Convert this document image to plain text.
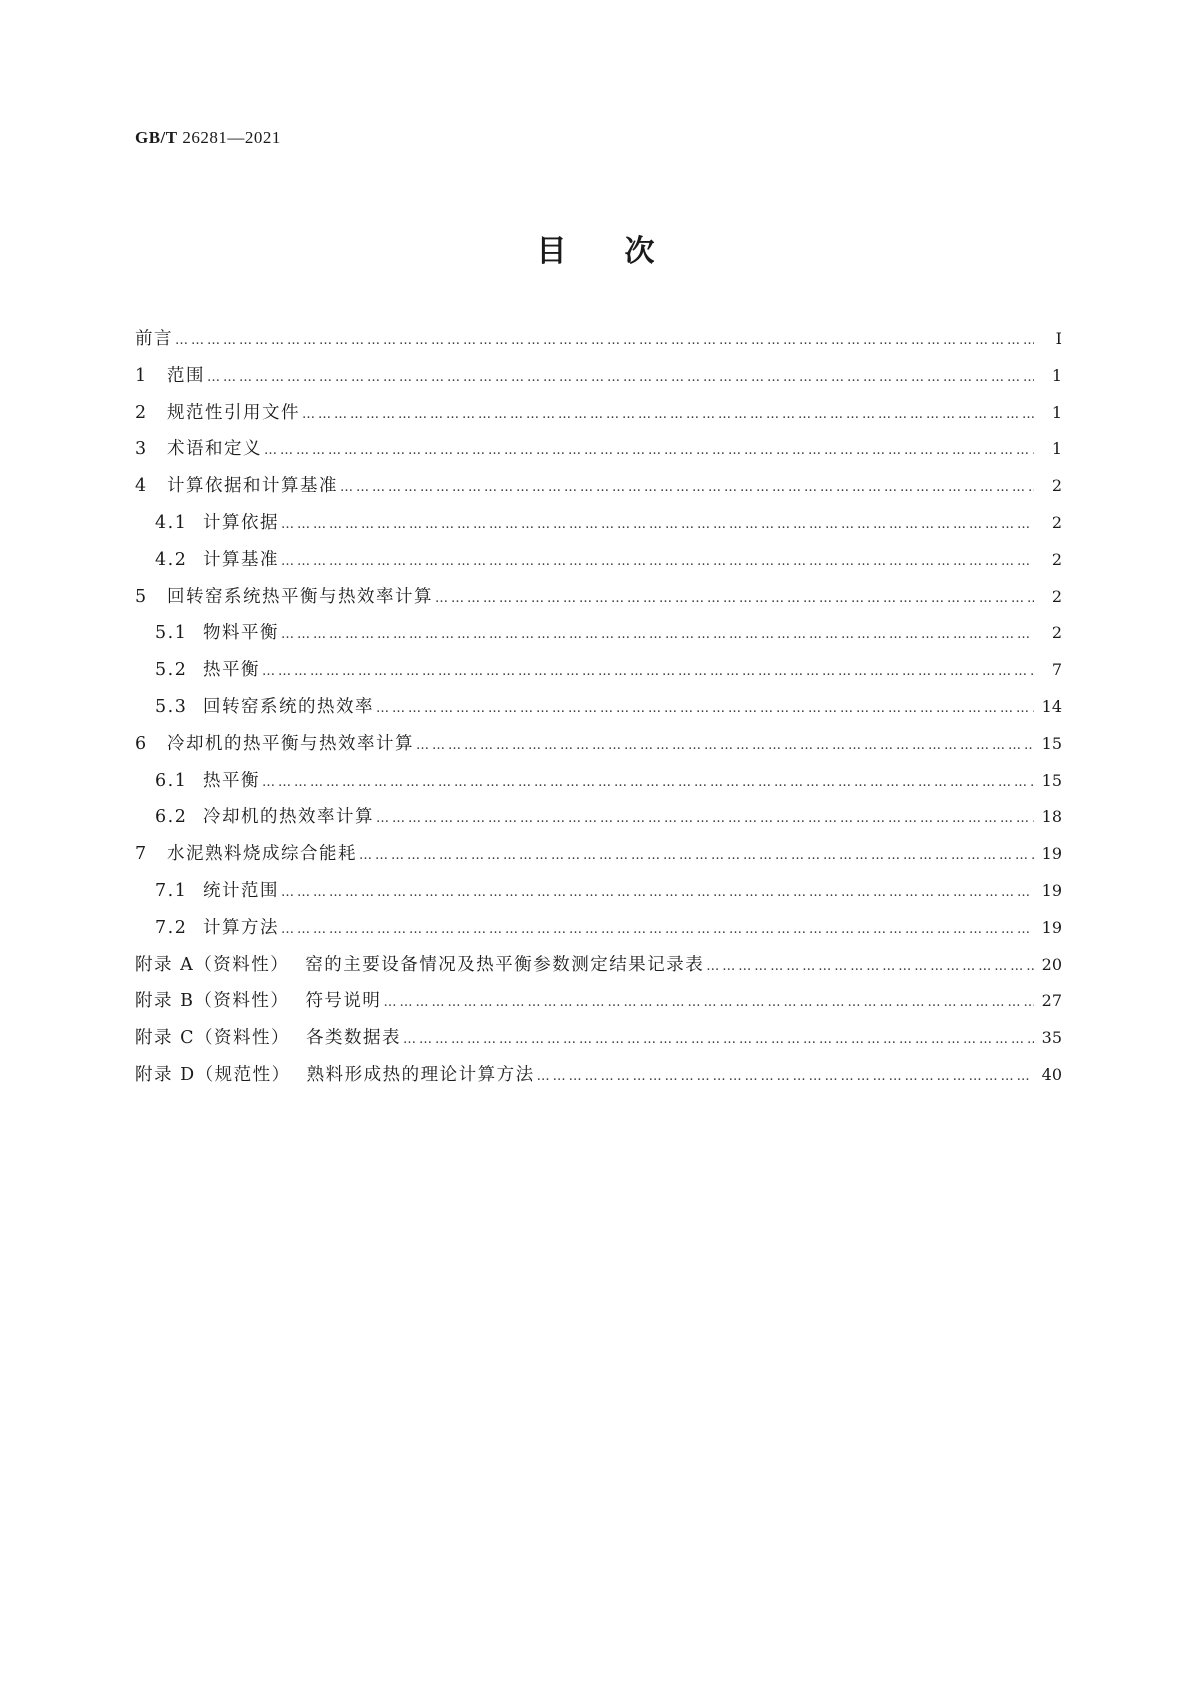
GB/T 26281—2021
目次
前言 ……………………………………………………………………………………………………………………………………………………………………………………	Ⅰ
1	范围 ……………………………………………………………………………………………………………………………………………………………………………………	1
2	规范性引用文件 ……………………………………………………………………………………………………………………………………………………………………………………	1
3	术语和定义 ……………………………………………………………………………………………………………………………………………………………………………………	1
4	计算依据和计算基准 ……………………………………………………………………………………………………………………………………………………………………………………	2
4.1 计算依据 ……………………………………………………………………………………………………………………………………………………………………………………	2
4.2 计算基准 ……………………………………………………………………………………………………………………………………………………………………………………	2
5	回转窑系统热平衡与热效率计算 ……………………………………………………………………………………………………………………………………………………………………………………	2
5.1 物料平衡 ……………………………………………………………………………………………………………………………………………………………………………………	2
5.2 热平衡 ……………………………………………………………………………………………………………………………………………………………………………………	7
5.3 回转窑系统的热效率 ……………………………………………………………………………………………………………………………………………………………………………………	14
6	冷却机的热平衡与热效率计算 ……………………………………………………………………………………………………………………………………………………………………………………	15
6.1 热平衡 ……………………………………………………………………………………………………………………………………………………………………………………	15
6.2 冷却机的热效率计算 ……………………………………………………………………………………………………………………………………………………………………………………	18
7	水泥熟料烧成综合能耗 ……………………………………………………………………………………………………………………………………………………………………………………	19
7.1 统计范围 ……………………………………………………………………………………………………………………………………………………………………………………	19
7.2 计算方法 ……………………………………………………………………………………………………………………………………………………………………………………	19
附录 A（资料性） 窑的主要设备情况及热平衡参数测定结果记录表 ……………………………………………………………………………………………………………………………………………………………………………………	20
附录 B（资料性） 符号说明 ……………………………………………………………………………………………………………………………………………………………………………………	27
附录 C（资料性） 各类数据表 ……………………………………………………………………………………………………………………………………………………………………………………	35
附录 D（规范性） 熟料形成热的理论计算方法 ……………………………………………………………………………………………………………………………………………………………………………………	40
